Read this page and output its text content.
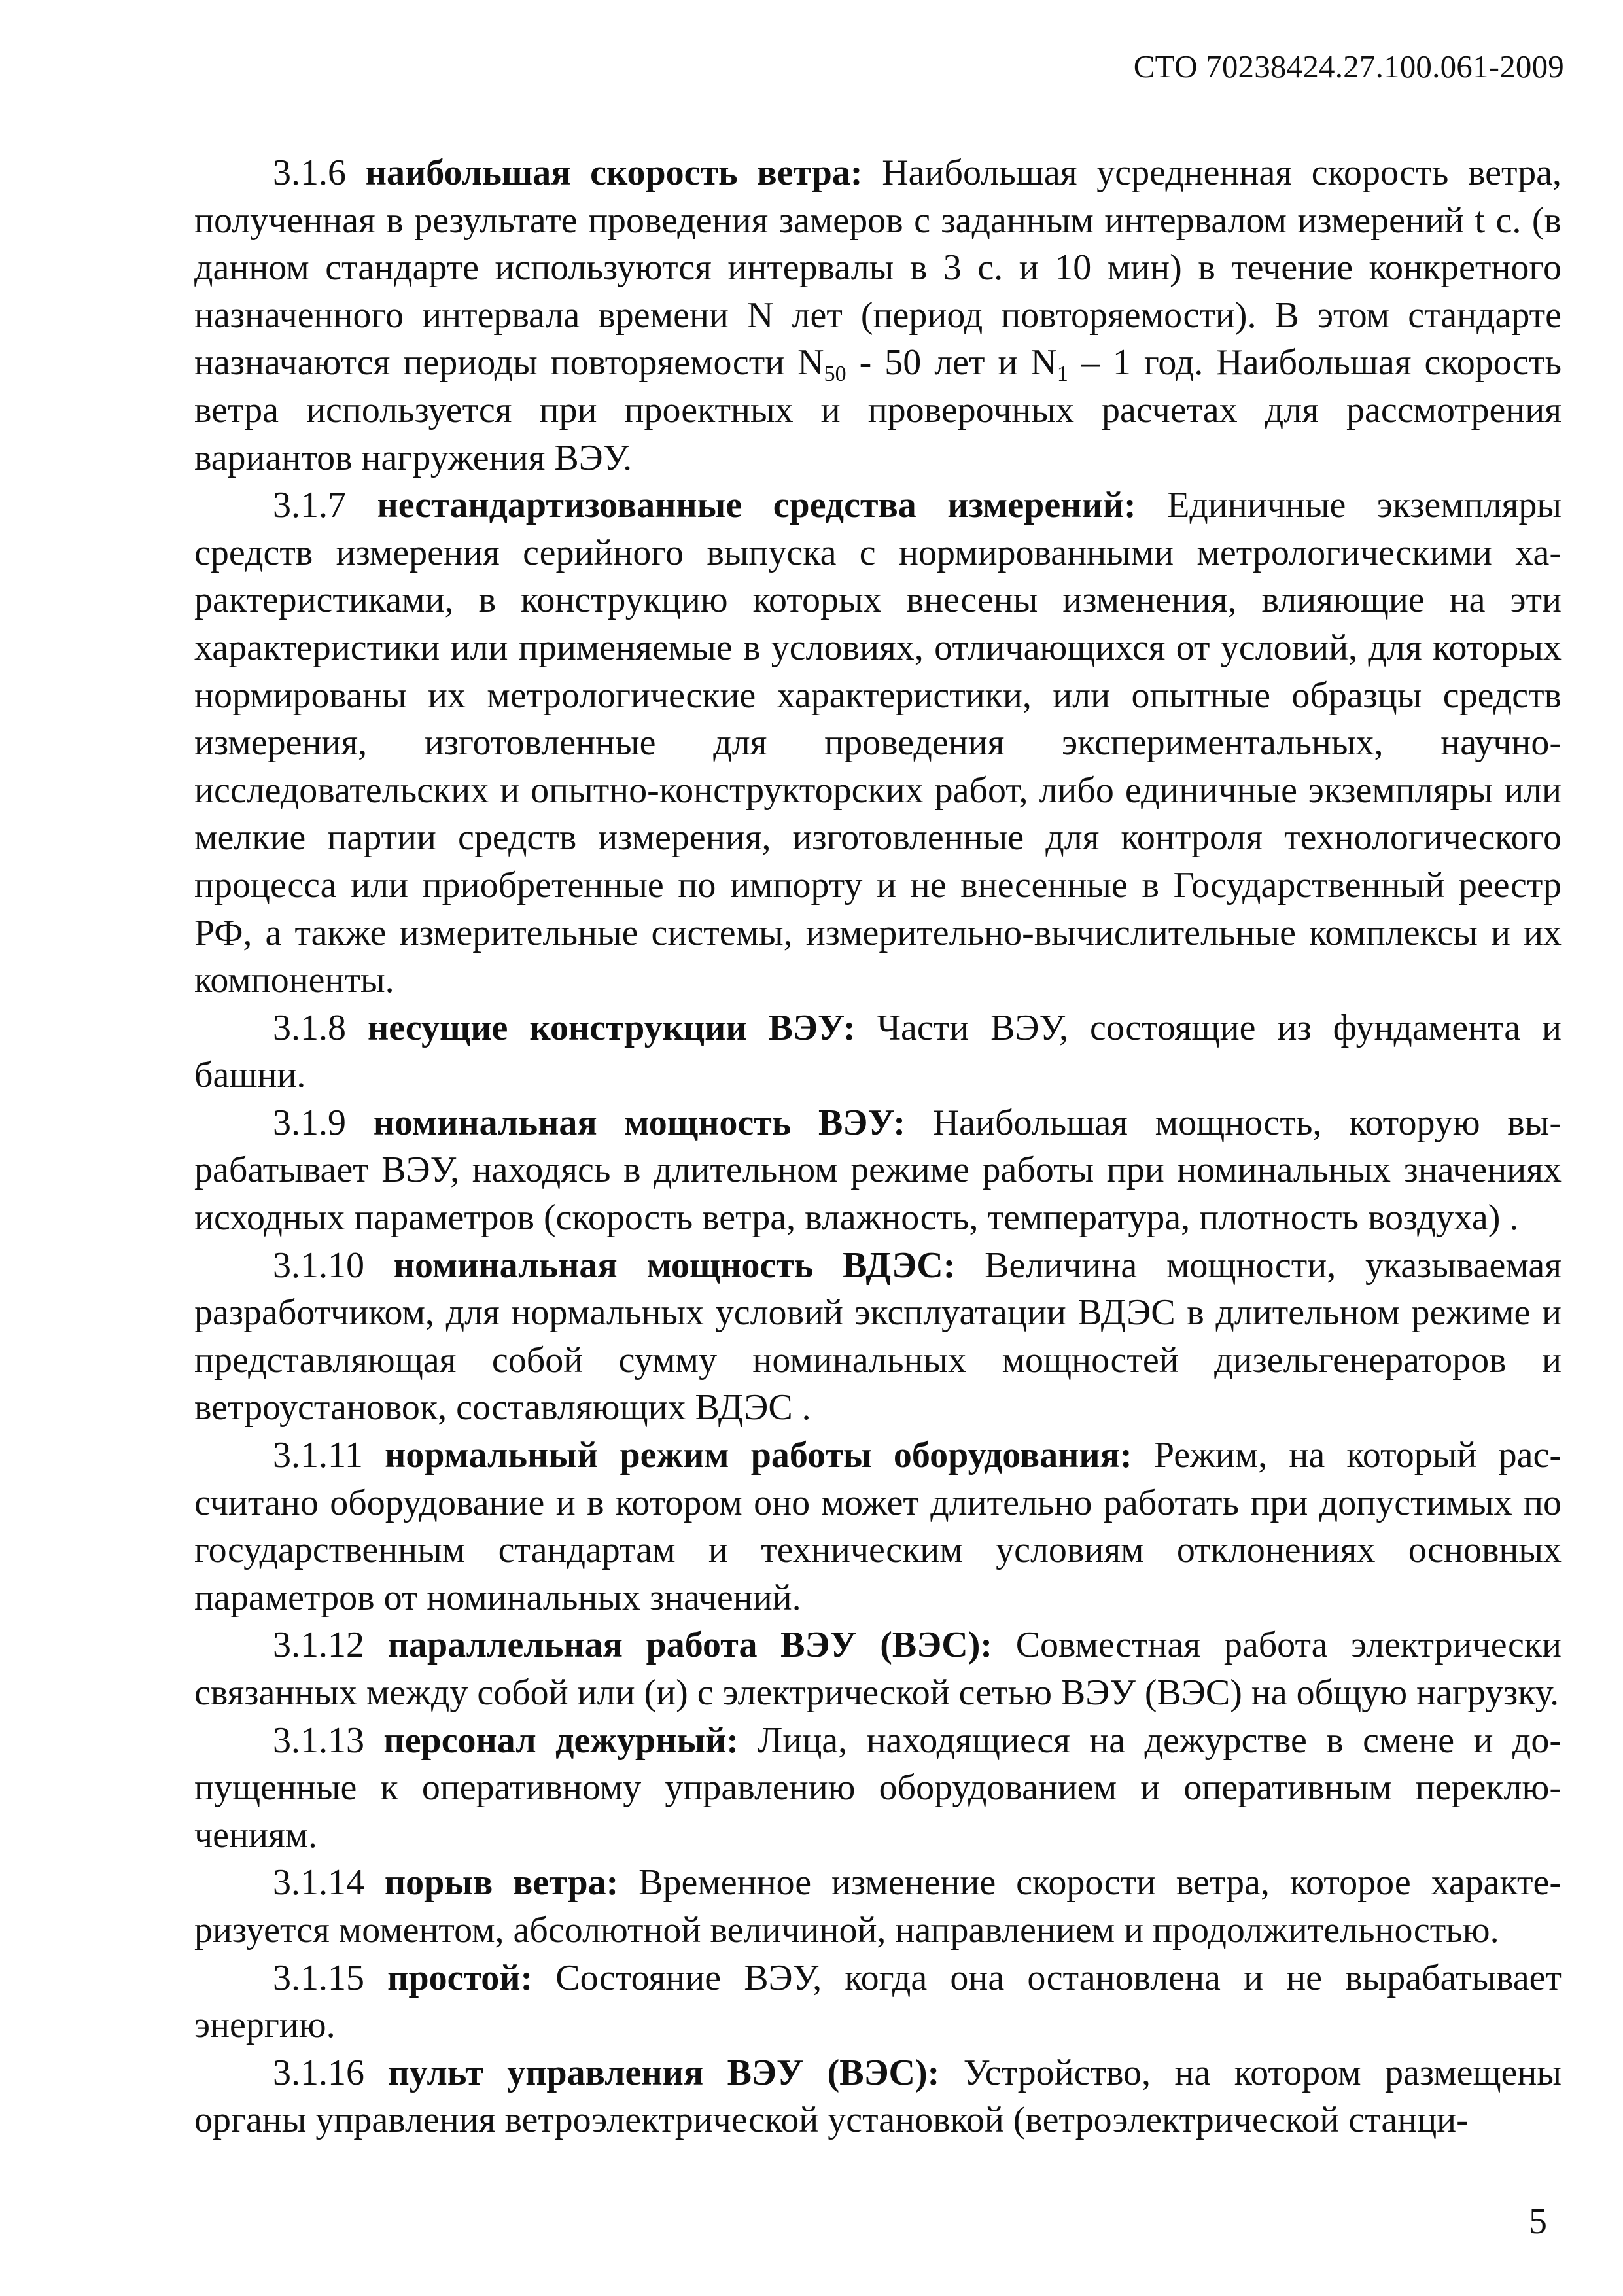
СТО 70238424.27.100.061-2009

3.1.6 наибольшая скорость ветра: Наибольшая усредненная скорость ветра, полученная в результате проведения замеров с заданным интервалом измерений t с. (в данном стандарте используются интервалы в 3 с. и 10 мин) в течение конкретного назначенного интервала времени N лет (период повторяемости). В этом стандарте назначаются периоды повторяемости $N_{50} - 50$ лет и $N_1 - 1$ год. Наибольшая скорость ветра используется при проектных и проверочных расчетах для рассмотрения вариантов нагружения ВЭУ.

3.1.7 нестандартизованные средства измерений: Единичные экземпляры средств измерения серийного выпуска с нормированными метрологическими характеристиками, в конструкцию которых внесены изменения, влияющие на эти характеристики или применяемые в условиях, отличающихся от условий, для которых нормированы их метрологические характеристики, или опытные образцы средств измерения, изготовленные для проведения экспериментальных, научноисследовательских и опытно-конструкторских работ, либо единичные экземпляры или мелкие партии средств измерения, изготовленные для контроля технологического процесса или приобретенные по импорту и не внесенные в Государственный реестр РФ, а также измерительные системы, измерительно-вычислительные комплексы и их компоненты.

3.1.8 несущие конструкции ВЭУ: Части ВЭУ, состоящие из фундамента и башни.

3.1.9 номинальная мощность ВЭУ: Наибольшая мощность, которую вырабатывает ВЭУ, находясь в длительном режиме работы при номинальных значениях исходных параметров (скорость ветра, влажность, температура, плотность воздуха) .

3.1.10 номинальная мощность ВДЭС: Величина мощности, указываемая разработчиком, для нормальных условий эксплуатации ВДЭС в длительном режиме и представляющая собой сумму номинальных мощностей дизельгенераторов и ветроустановок, составляющих ВДЭС .

3.1.11 нормальный режим работы оборудования: Режим, на который рассчитано оборудование и в котором оно может длительно работать при допустимых по государственным стандартам и техническим условиям отклонениях основных параметров от номинальных значений.

3.1.12 параллельная работа ВЭУ (ВЭС): Совместная работа электрически связанных между собой или (и) с электрической сетью ВЭУ (ВЭС) на общую нагрузку.

3.1.13 персонал дежурный: Лица, находящиеся на дежурстве в смене и допущенные к оперативному управлению оборудованием и оперативным переключениям.

3.1.14 порыв ветра: Временное изменение скорости ветра, которое характеризуется моментом, абсолютной величиной, направлением и продолжительностью.

3.1.15 простой: Состояние ВЭУ, когда она остановлена и не вырабатывает энергию.

3.1.16 пульт управления ВЭУ (ВЭС): Устройство, на котором размещены органы управления ветроэлектрической установкой (ветроэлектрической станци-

5
